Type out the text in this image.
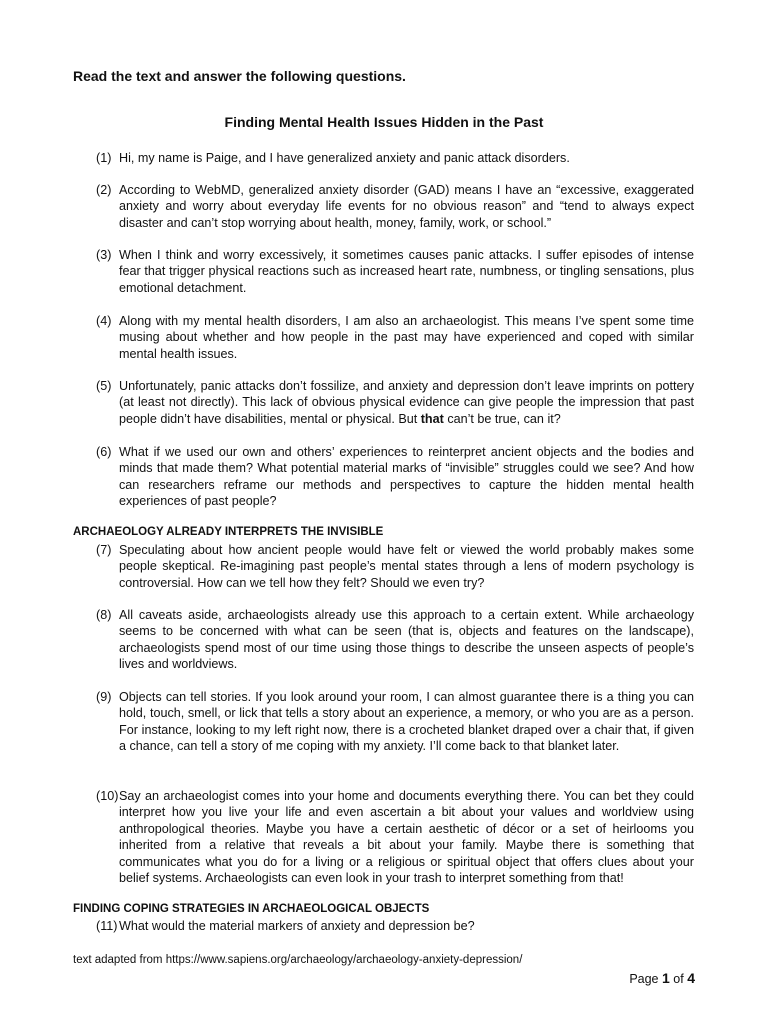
Read the text and answer the following questions.
Finding Mental Health Issues Hidden in the Past
(1) Hi, my name is Paige, and I have generalized anxiety and panic attack disorders.
(2) According to WebMD, generalized anxiety disorder (GAD) means I have an “excessive, exaggerated anxiety and worry about everyday life events for no obvious reason” and “tend to always expect disaster and can’t stop worrying about health, money, family, work, or school.”
(3) When I think and worry excessively, it sometimes causes panic attacks. I suffer episodes of intense fear that trigger physical reactions such as increased heart rate, numbness, or tingling sensations, plus emotional detachment.
(4) Along with my mental health disorders, I am also an archaeologist. This means I’ve spent some time musing about whether and how people in the past may have experienced and coped with similar mental health issues.
(5) Unfortunately, panic attacks don’t fossilize, and anxiety and depression don’t leave imprints on pottery (at least not directly). This lack of obvious physical evidence can give people the impression that past people didn’t have disabilities, mental or physical. But that can’t be true, can it?
(6) What if we used our own and others’ experiences to reinterpret ancient objects and the bodies and minds that made them? What potential material marks of “invisible” struggles could we see? And how can researchers reframe our methods and perspectives to capture the hidden mental health experiences of past people?
ARCHAEOLOGY ALREADY INTERPRETS THE INVISIBLE
(7) Speculating about how ancient people would have felt or viewed the world probably makes some people skeptical. Re-imagining past people’s mental states through a lens of modern psychology is controversial. How can we tell how they felt? Should we even try?
(8) All caveats aside, archaeologists already use this approach to a certain extent. While archaeology seems to be concerned with what can be seen (that is, objects and features on the landscape), archaeologists spend most of our time using those things to describe the unseen aspects of people’s lives and worldviews.
(9) Objects can tell stories. If you look around your room, I can almost guarantee there is a thing you can hold, touch, smell, or lick that tells a story about an experience, a memory, or who you are as a person. For instance, looking to my left right now, there is a crocheted blanket draped over a chair that, if given a chance, can tell a story of me coping with my anxiety. I’ll come back to that blanket later.
(10) Say an archaeologist comes into your home and documents everything there. You can bet they could interpret how you live your life and even ascertain a bit about your values and worldview using anthropological theories. Maybe you have a certain aesthetic of décor or a set of heirlooms you inherited from a relative that reveals a bit about your family. Maybe there is something that communicates what you do for a living or a religious or spiritual object that offers clues about your belief systems. Archaeologists can even look in your trash to interpret something from that!
FINDING COPING STRATEGIES IN ARCHAEOLOGICAL OBJECTS
(11) What would the material markers of anxiety and depression be?
text adapted from https://www.sapiens.org/archaeology/archaeology-anxiety-depression/
Page 1 of 4
